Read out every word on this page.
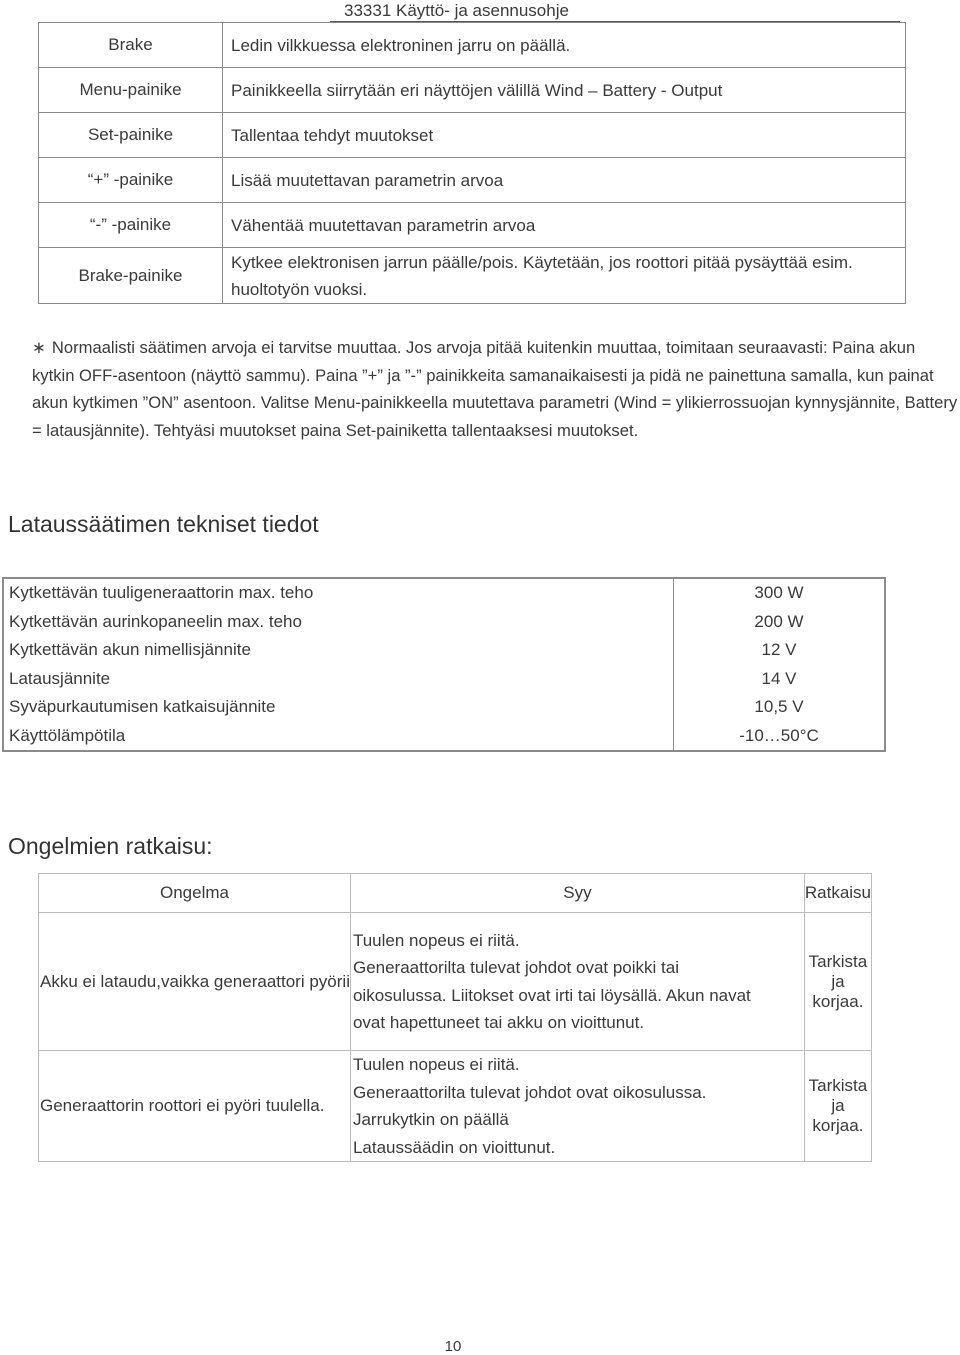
33331 Käyttö- ja asennusohje
Brake	Ledin vilkkuessa elektroninen jarru on päällä.
Menu-painike	Painikkeella siirrytään eri näyttöjen välillä Wind – Battery - Output
Set-painike	Tallentaa tehdyt muutokset
“+” -painike	Lisää muutettavan parametrin arvoa
“-” -painike	Vähentää muutettavan parametrin arvoa
Brake-painike	Kytkee elektronisen jarrun päälle/pois. Käytetään, jos roottori pitää pysäyttää esim. huoltotyön vuoksi.
∗ Normaalisti säätimen arvoja ei tarvitse muuttaa. Jos arvoja pitää kuitenkin muuttaa, toimitaan seuraavasti: Paina akun kytkin OFF-asentoon (näyttö sammu). Paina ”+” ja ”-” painikkeita samanaikaisesti ja pidä ne painettuna samalla, kun painat akun kytkimen ”ON” asentoon. Valitse Menu-painikkeella muutettava parametri (Wind = ylikierrossuojan kynnysjännite, Battery = latausjännite). Tehtyäsi muutokset paina Set-painiketta tallentaaksesi muutokset.
Lataussäätimen tekniset tiedot
Kytkettävän tuuligeneraattorin max. teho	300 W
Kytkettävän aurinkopaneelin max. teho	200 W
Kytkettävän akun nimellisjännite	12 V
Latausjännite	14 V
Syväpurkautumisen katkaisujännite	10,5 V
Käyttölämpötila	-10…50°C
Ongelmien ratkaisu:
Ongelma	Syy	Ratkaisu
Akku ei lataudu,vaikka generaattori pyörii	Tuulen nopeus ei riitä.
Generaattorilta tulevat johdot ovat poikki tai
oikosulussa. Liitokset ovat irti tai löysällä. Akun navat
ovat hapettuneet tai akku on vioittunut.	Tarkista ja korjaa.
Generaattorin roottori ei pyöri tuulella.	Tuulen nopeus ei riitä.
Generaattorilta tulevat johdot ovat oikosulussa.
Jarrukytkin on päällä
Lataussäädin on vioittunut.	Tarkista ja korjaa.
10
